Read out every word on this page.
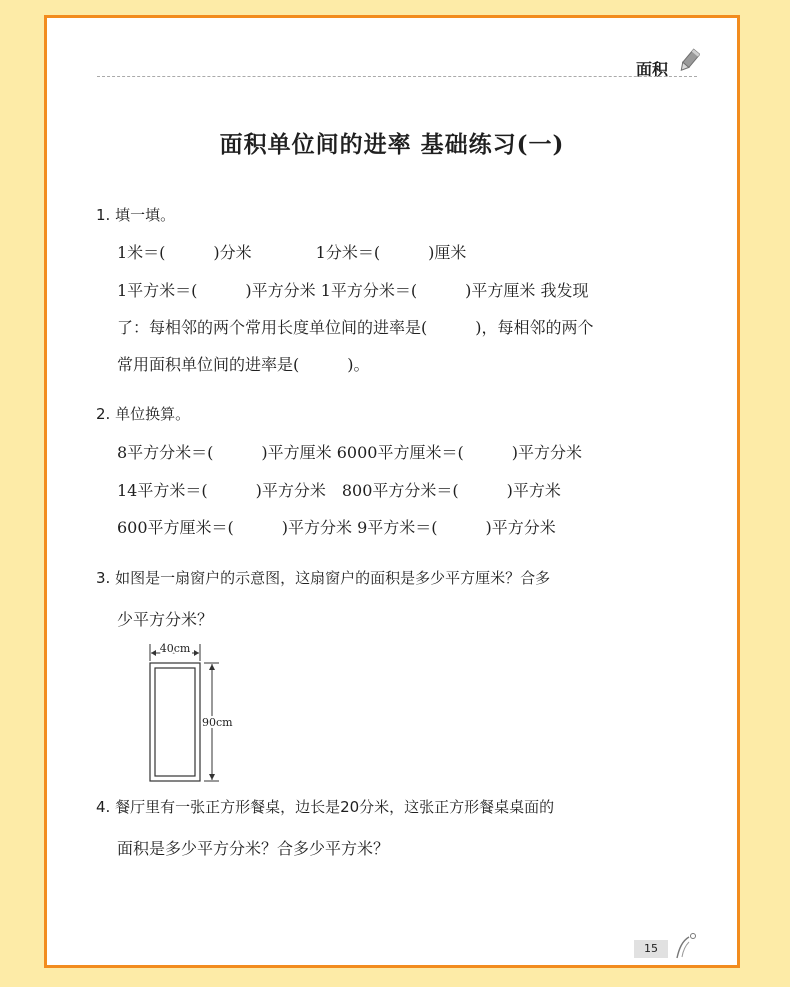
面积
面积单位间的进率 基础练习(一)
1. 填一填。
1米＝(　　　)分米　　　　1分米＝(　　　)厘米
1平方米＝(　　　)平方分米 1平方分米＝(　　　)平方厘米 我发现
了：每相邻的两个常用长度单位间的进率是(　　　)，每相邻的两个
常用面积单位间的进率是(　　　)。
2. 单位换算。
8平方分米＝(　　　)平方厘米 6000平方厘米＝(　　　)平方分米
14平方米＝(　　　)平方分米　800平方分米＝(　　　)平方米
600平方厘米＝(　　　)平方分米 9平方米＝(　　　)平方分米
3. 如图是一扇窗户的示意图，这扇窗户的面积是多少平方厘米？合多
少平方分米？
40cm
90cm
4. 餐厅里有一张正方形餐桌，边长是20分米，这张正方形餐桌桌面的
面积是多少平方分米？合多少平方米？
15
